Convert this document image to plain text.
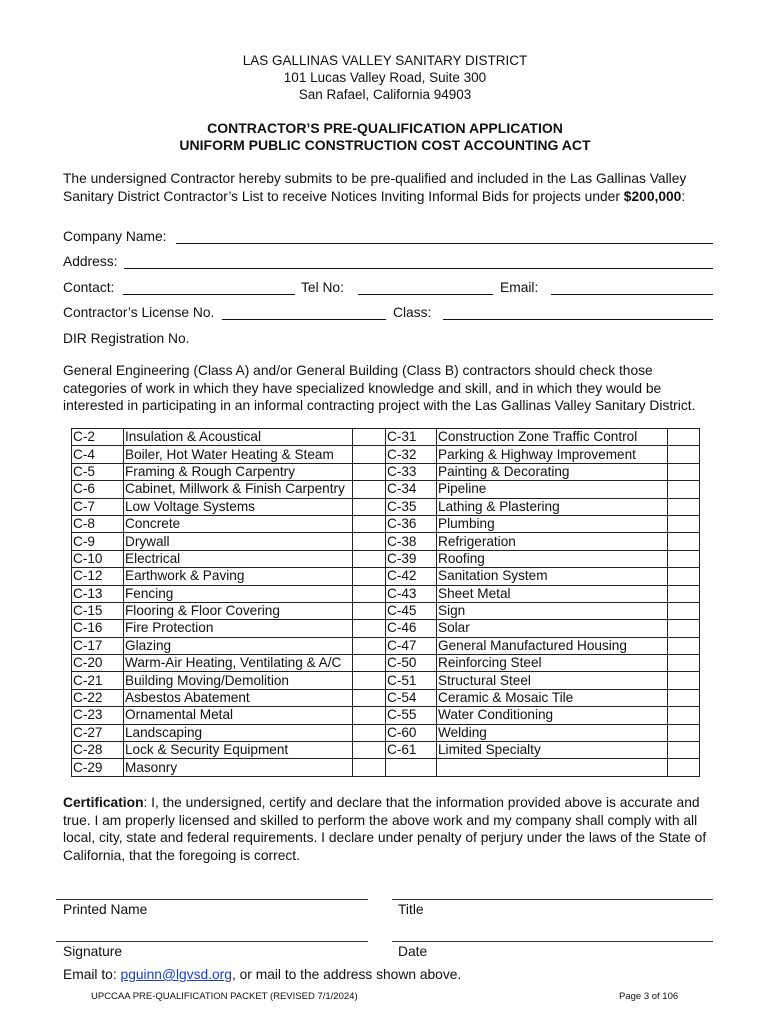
LAS GALLINAS VALLEY SANITARY DISTRICT
101 Lucas Valley Road, Suite 300
San Rafael, California 94903
CONTRACTOR’S PRE-QUALIFICATION APPLICATION
UNIFORM PUBLIC CONSTRUCTION COST ACCOUNTING ACT
The undersigned Contractor hereby submits to be pre-qualified and included in the Las Gallinas Valley Sanitary District Contractor’s List to receive Notices Inviting Informal Bids for projects under $200,000:
Company Name:
Address:
Contact:	Tel No:	Email:
Contractor’s License No.	Class:
DIR Registration No.
General Engineering (Class A) and/or General Building (Class B) contractors should check those categories of work in which they have specialized knowledge and skill, and in which they would be interested in participating in an informal contracting project with the Las Gallinas Valley Sanitary District.
C-2	Insulation & Acoustical		C-31	Construction Zone Traffic Control	
C-4	Boiler, Hot Water Heating & Steam		C-32	Parking & Highway Improvement	
C-5	Framing & Rough Carpentry		C-33	Painting & Decorating	
C-6	Cabinet, Millwork & Finish Carpentry		C-34	Pipeline	
C-7	Low Voltage Systems		C-35	Lathing & Plastering	
C-8	Concrete		C-36	Plumbing	
C-9	Drywall		C-38	Refrigeration	
C-10	Electrical		C-39	Roofing	
C-12	Earthwork & Paving		C-42	Sanitation System	
C-13	Fencing		C-43	Sheet Metal	
C-15	Flooring & Floor Covering		C-45	Sign	
C-16	Fire Protection		C-46	Solar	
C-17	Glazing		C-47	General Manufactured Housing	
C-20	Warm-Air Heating, Ventilating & A/C		C-50	Reinforcing Steel	
C-21	Building Moving/Demolition		C-51	Structural Steel	
C-22	Asbestos Abatement		C-54	Ceramic & Mosaic Tile	
C-23	Ornamental Metal		C-55	Water Conditioning	
C-27	Landscaping		C-60	Welding	
C-28	Lock & Security Equipment		C-61	Limited Specialty	
C-29	Masonry				
Certification: I, the undersigned, certify and declare that the information provided above is accurate and true. I am properly licensed and skilled to perform the above work and my company shall comply with all local, city, state and federal requirements. I declare under penalty of perjury under the laws of the State of California, that the foregoing is correct.
Printed Name	Title
Signature	Date
Email to: pguinn@lgvsd.org, or mail to the address shown above.
UPCCAA PRE-QUALIFICATION PACKET (REVISED 7/1/2024)	Page 3 of 106
